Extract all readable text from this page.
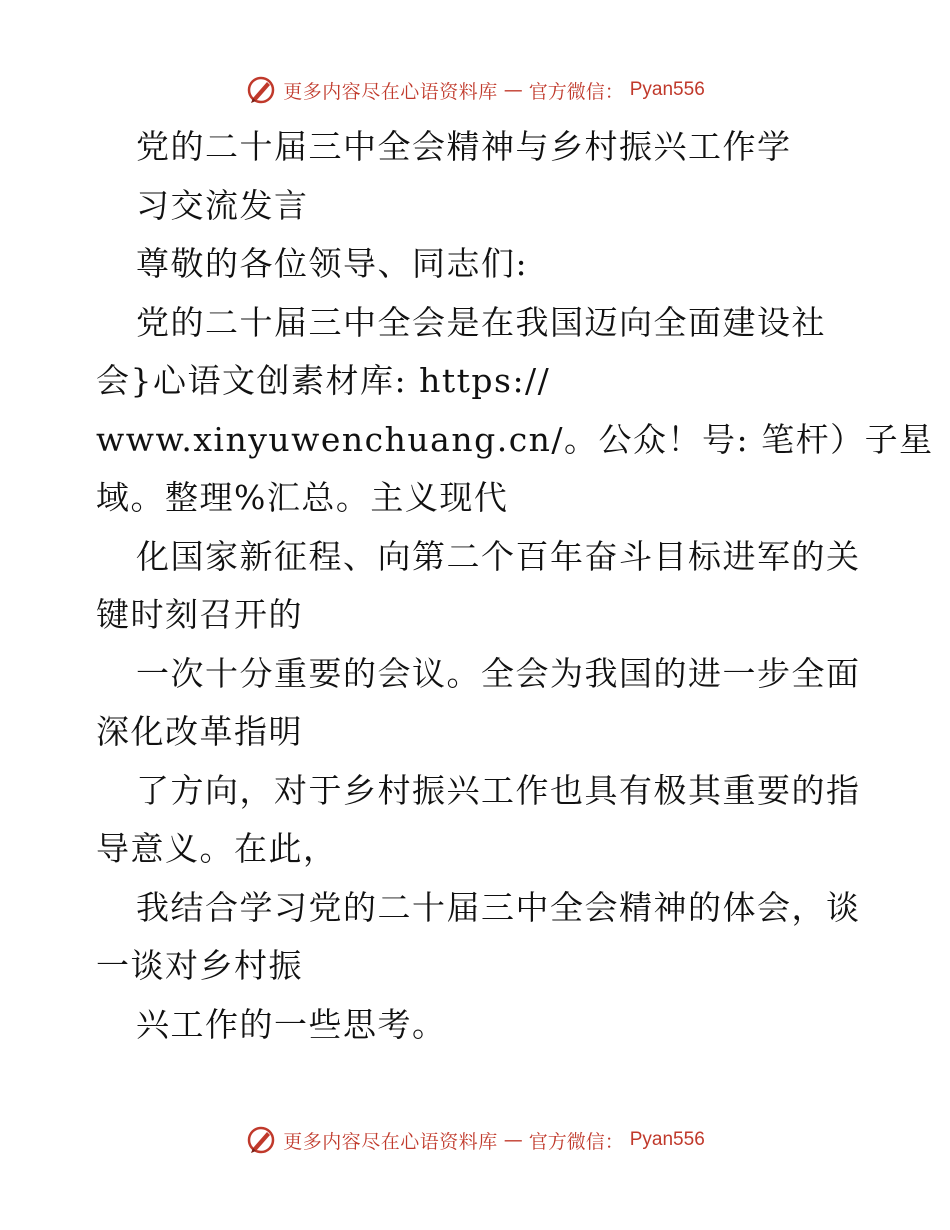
更多内容尽在心语资料库 — 官方微信： Pyan556
党的二十届三中全会精神与乡村振兴工作学
习交流发言
尊敬的各位领导、同志们:
党的二十届三中全会是在我国迈向全面建设社
会}心语文创素材库: https://
www.xinyuwenchuang.cn/。公众！号: 笔杆）子星
域。整理%汇总。主义现代
化国家新征程、向第二个百年奋斗目标进军的关
键时刻召开的
一次十分重要的会议。全会为我国的进一步全面
深化改革指明
了方向，对于乡村振兴工作也具有极其重要的指
导意义。在此，
我结合学习党的二十届三中全会精神的体会，谈
一谈对乡村振
兴工作的一些思考。
更多内容尽在心语资料库 — 官方微信： Pyan556
